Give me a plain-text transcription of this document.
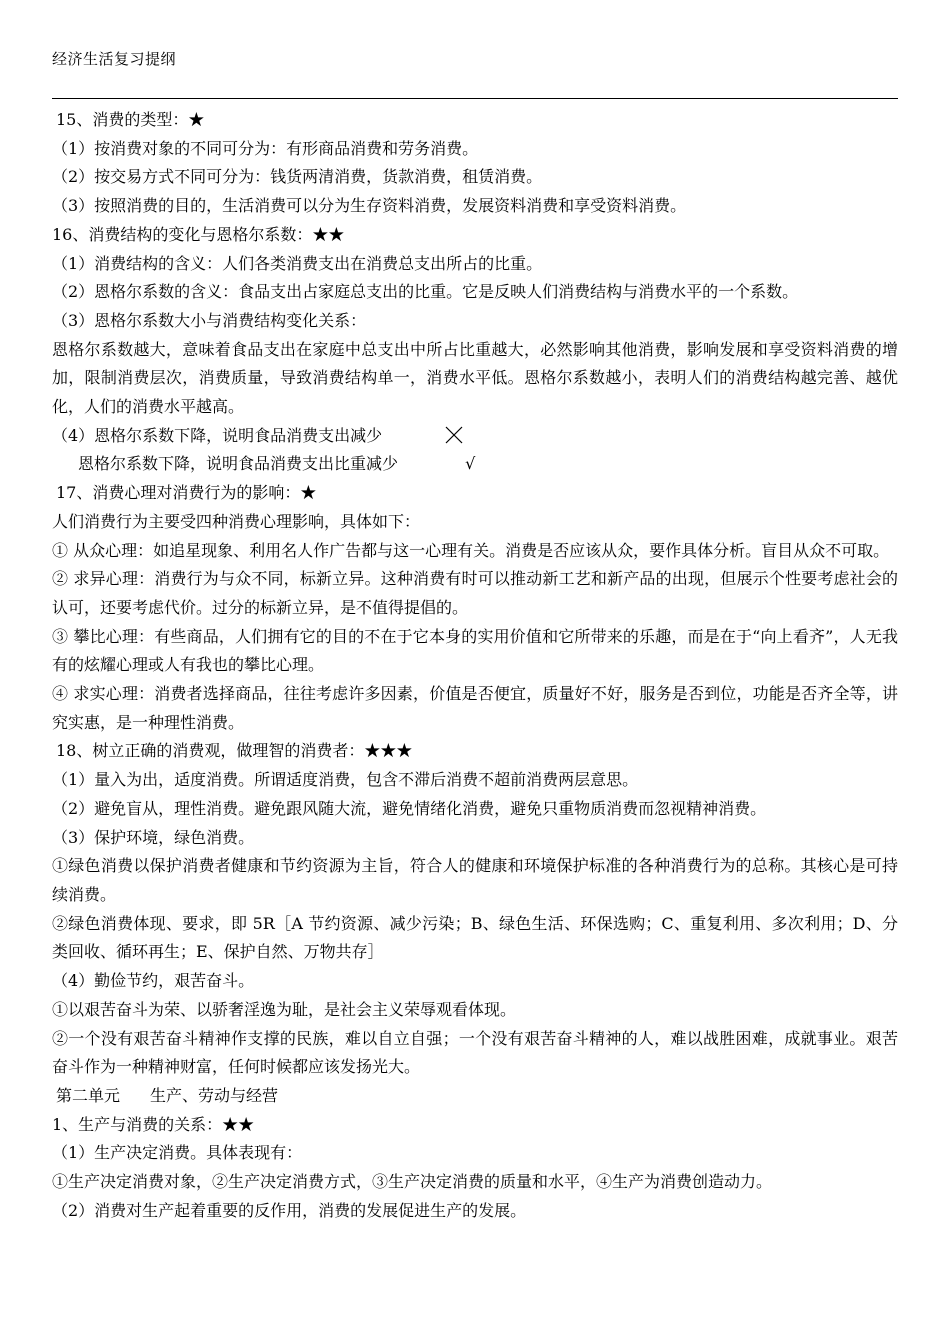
经济生活复习提纲
15、消费的类型：★
（1）按消费对象的不同可分为：有形商品消费和劳务消费。
（2）按交易方式不同可分为：钱货两清消费，货款消费，租赁消费。
（3）按照消费的目的，生活消费可以分为生存资料消费，发展资料消费和享受资料消费。
16、消费结构的变化与恩格尔系数：★★
（1）消费结构的含义：人们各类消费支出在消费总支出所占的比重。
（2）恩格尔系数的含义：食品支出占家庭总支出的比重。它是反映人们消费结构与消费水平的一个系数。
（3）恩格尔系数大小与消费结构变化关系：
恩格尔系数越大，意味着食品支出在家庭中总支出中所占比重越大，必然影响其他消费，影响发展和享受资料消费的增加，限制消费层次，消费质量，导致消费结构单一，消费水平低。恩格尔系数越小，表明人们的消费结构越完善、越优化，人们的消费水平越高。
（4）恩格尔系数下降，说明食品消费支出减少
恩格尔系数下降，说明食品消费支出比重减少	√
17、消费心理对消费行为的影响：★
人们消费行为主要受四种消费心理影响，具体如下：
① 从众心理：如追星现象、利用名人作广告都与这一心理有关。消费是否应该从众，要作具体分析。盲目从众不可取。
② 求异心理：消费行为与众不同，标新立异。这种消费有时可以推动新工艺和新产品的出现，但展示个性要考虑社会的认可，还要考虑代价。过分的标新立异，是不值得提倡的。
③ 攀比心理：有些商品，人们拥有它的目的不在于它本身的实用价值和它所带来的乐趣，而是在于“向上看齐”，人无我有的炫耀心理或人有我也的攀比心理。
④ 求实心理：消费者选择商品，往往考虑许多因素，价值是否便宜，质量好不好，服务是否到位，功能是否齐全等，讲究实惠，是一种理性消费。
18、树立正确的消费观，做理智的消费者：★★★
（1）量入为出，适度消费。所谓适度消费，包含不滞后消费不超前消费两层意思。
（2）避免盲从，理性消费。避免跟风随大流，避免情绪化消费，避免只重物质消费而忽视精神消费。
（3）保护环境，绿色消费。
①绿色消费以保护消费者健康和节约资源为主旨，符合人的健康和环境保护标准的各种消费行为的总称。其核心是可持续消费。
②绿色消费体现、要求，即 5R［A 节约资源、减少污染；B、绿色生活、环保选购；C、重复利用、多次利用；D、分类回收、循环再生；E、保护自然、万物共存］
（4）勤俭节约，艰苦奋斗。
①以艰苦奋斗为荣、以骄奢淫逸为耻，是社会主义荣辱观看体现。
②一个没有艰苦奋斗精神作支撑的民族，难以自立自强；一个没有艰苦奋斗精神的人，难以战胜困难，成就事业。艰苦奋斗作为一种精神财富，任何时候都应该发扬光大。
第二单元 生产、劳动与经营
1、生产与消费的关系：★★
（1）生产决定消费。具体表现有：
①生产决定消费对象，②生产决定消费方式，③生产决定消费的质量和水平，④生产为消费创造动力。
（2）消费对生产起着重要的反作用，消费的发展促进生产的发展。
